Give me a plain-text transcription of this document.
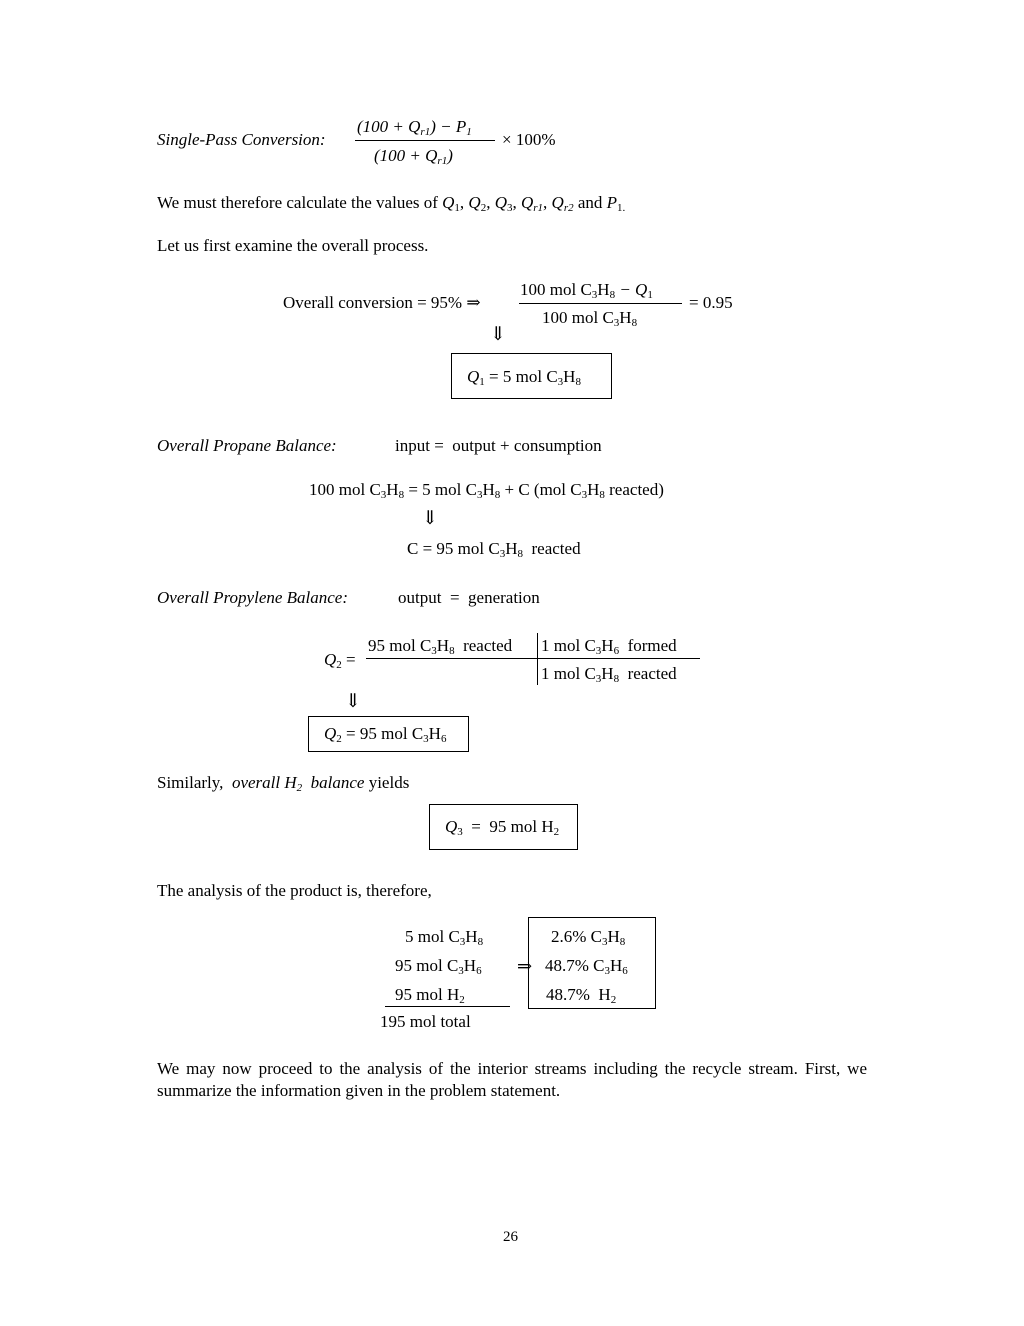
Single-Pass Conversion:
$(100 + Q_{r1}) - P_1$
$(100 + Q_{r1})$
× 100%
We must therefore calculate the values of $Q_1$, $Q_2$, $Q_3$, $Q_{r1}$, $Q_{r2}$ and $P_{1.}$
Let us first examine the overall process.
Overall conversion = 95% ⇒
100 mol $C_3H_8 - Q_1$
100 mol $C_3H_8$
= 0.95
⇓
$Q_1 = 5$ mol $C_3H_8$
Overall Propane Balance:	input =  output + consumption
100 mol $C_3H_8 = 5$ mol $C_3H_8 + C$ (mol $C_3H_8$ reacted)
⇓
C = 95 mol $C_3H_8$ reacted
Overall Propylene Balance:	output  =  generation
$Q_2$ =
95 mol $C_3H_8$ reacted 1 mol $C_3H_6$ formed
1 mol $C_3H_8$ reacted
⇓
$Q_2 = 95$ mol $C_3H_6$
Similarly,  overall $H_2$  balance yields
$Q_3 = 95$ mol $H_2$
The analysis of the product is, therefore,
5 mol $C_3H_8$
95 mol $C_3H_6$
95 mol $H_2$
195 mol total
⇒
2.6% $C_3H_8$
48.7% $C_3H_6$
48.7%  $H_2$
We may now proceed to the analysis of the interior streams including the recycle stream. First, we summarize the information given in the problem statement.
26
